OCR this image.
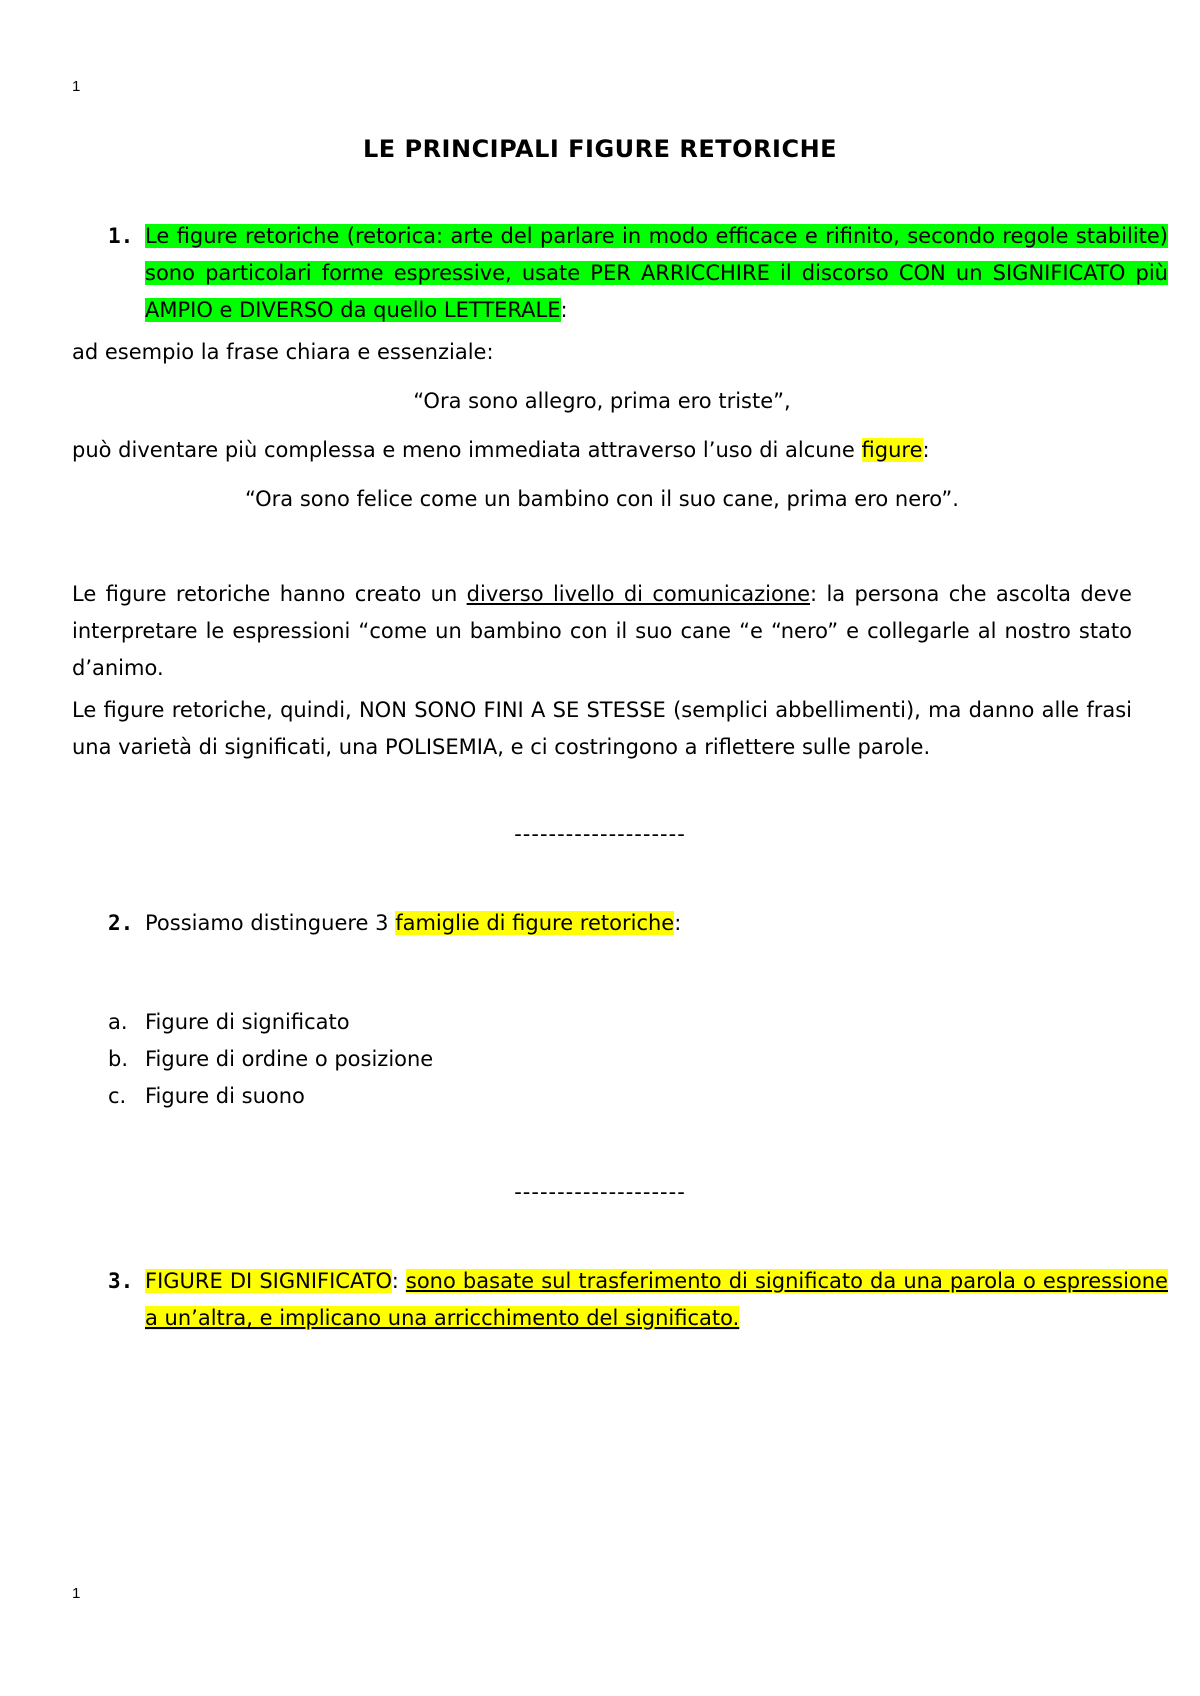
1
LE PRINCIPALI FIGURE RETORICHE
1. Le figure retoriche (retorica: arte del parlare in modo efficace e rifinito, secondo regole stabilite) sono particolari forme espressive, usate PER ARRICCHIRE il discorso CON un SIGNIFICATO più AMPIO e DIVERSO da quello LETTERALE:
ad esempio la frase chiara e essenziale:
“Ora sono allegro, prima ero triste”,
può diventare più complessa e meno immediata attraverso l’uso di alcune figure:
“Ora sono felice come un bambino con il suo cane, prima ero nero”.
Le figure retoriche hanno creato un diverso livello di comunicazione: la persona che ascolta deve interpretare le espressioni “come un bambino con il suo cane “e “nero” e collegarle al nostro stato d’animo.
Le figure retoriche, quindi, NON SONO FINI A SE STESSE (semplici abbellimenti), ma danno alle frasi una varietà di significati, una POLISEMIA, e ci costringono a riflettere sulle parole.
--------------------
2. Possiamo distinguere 3 famiglie di figure retoriche:
a. Figure di significato
b. Figure di ordine o posizione
c. Figure di suono
--------------------
3. FIGURE DI SIGNIFICATO: sono basate sul trasferimento di significato da una parola o espressione a un’altra, e implicano una arricchimento del significato.
1
